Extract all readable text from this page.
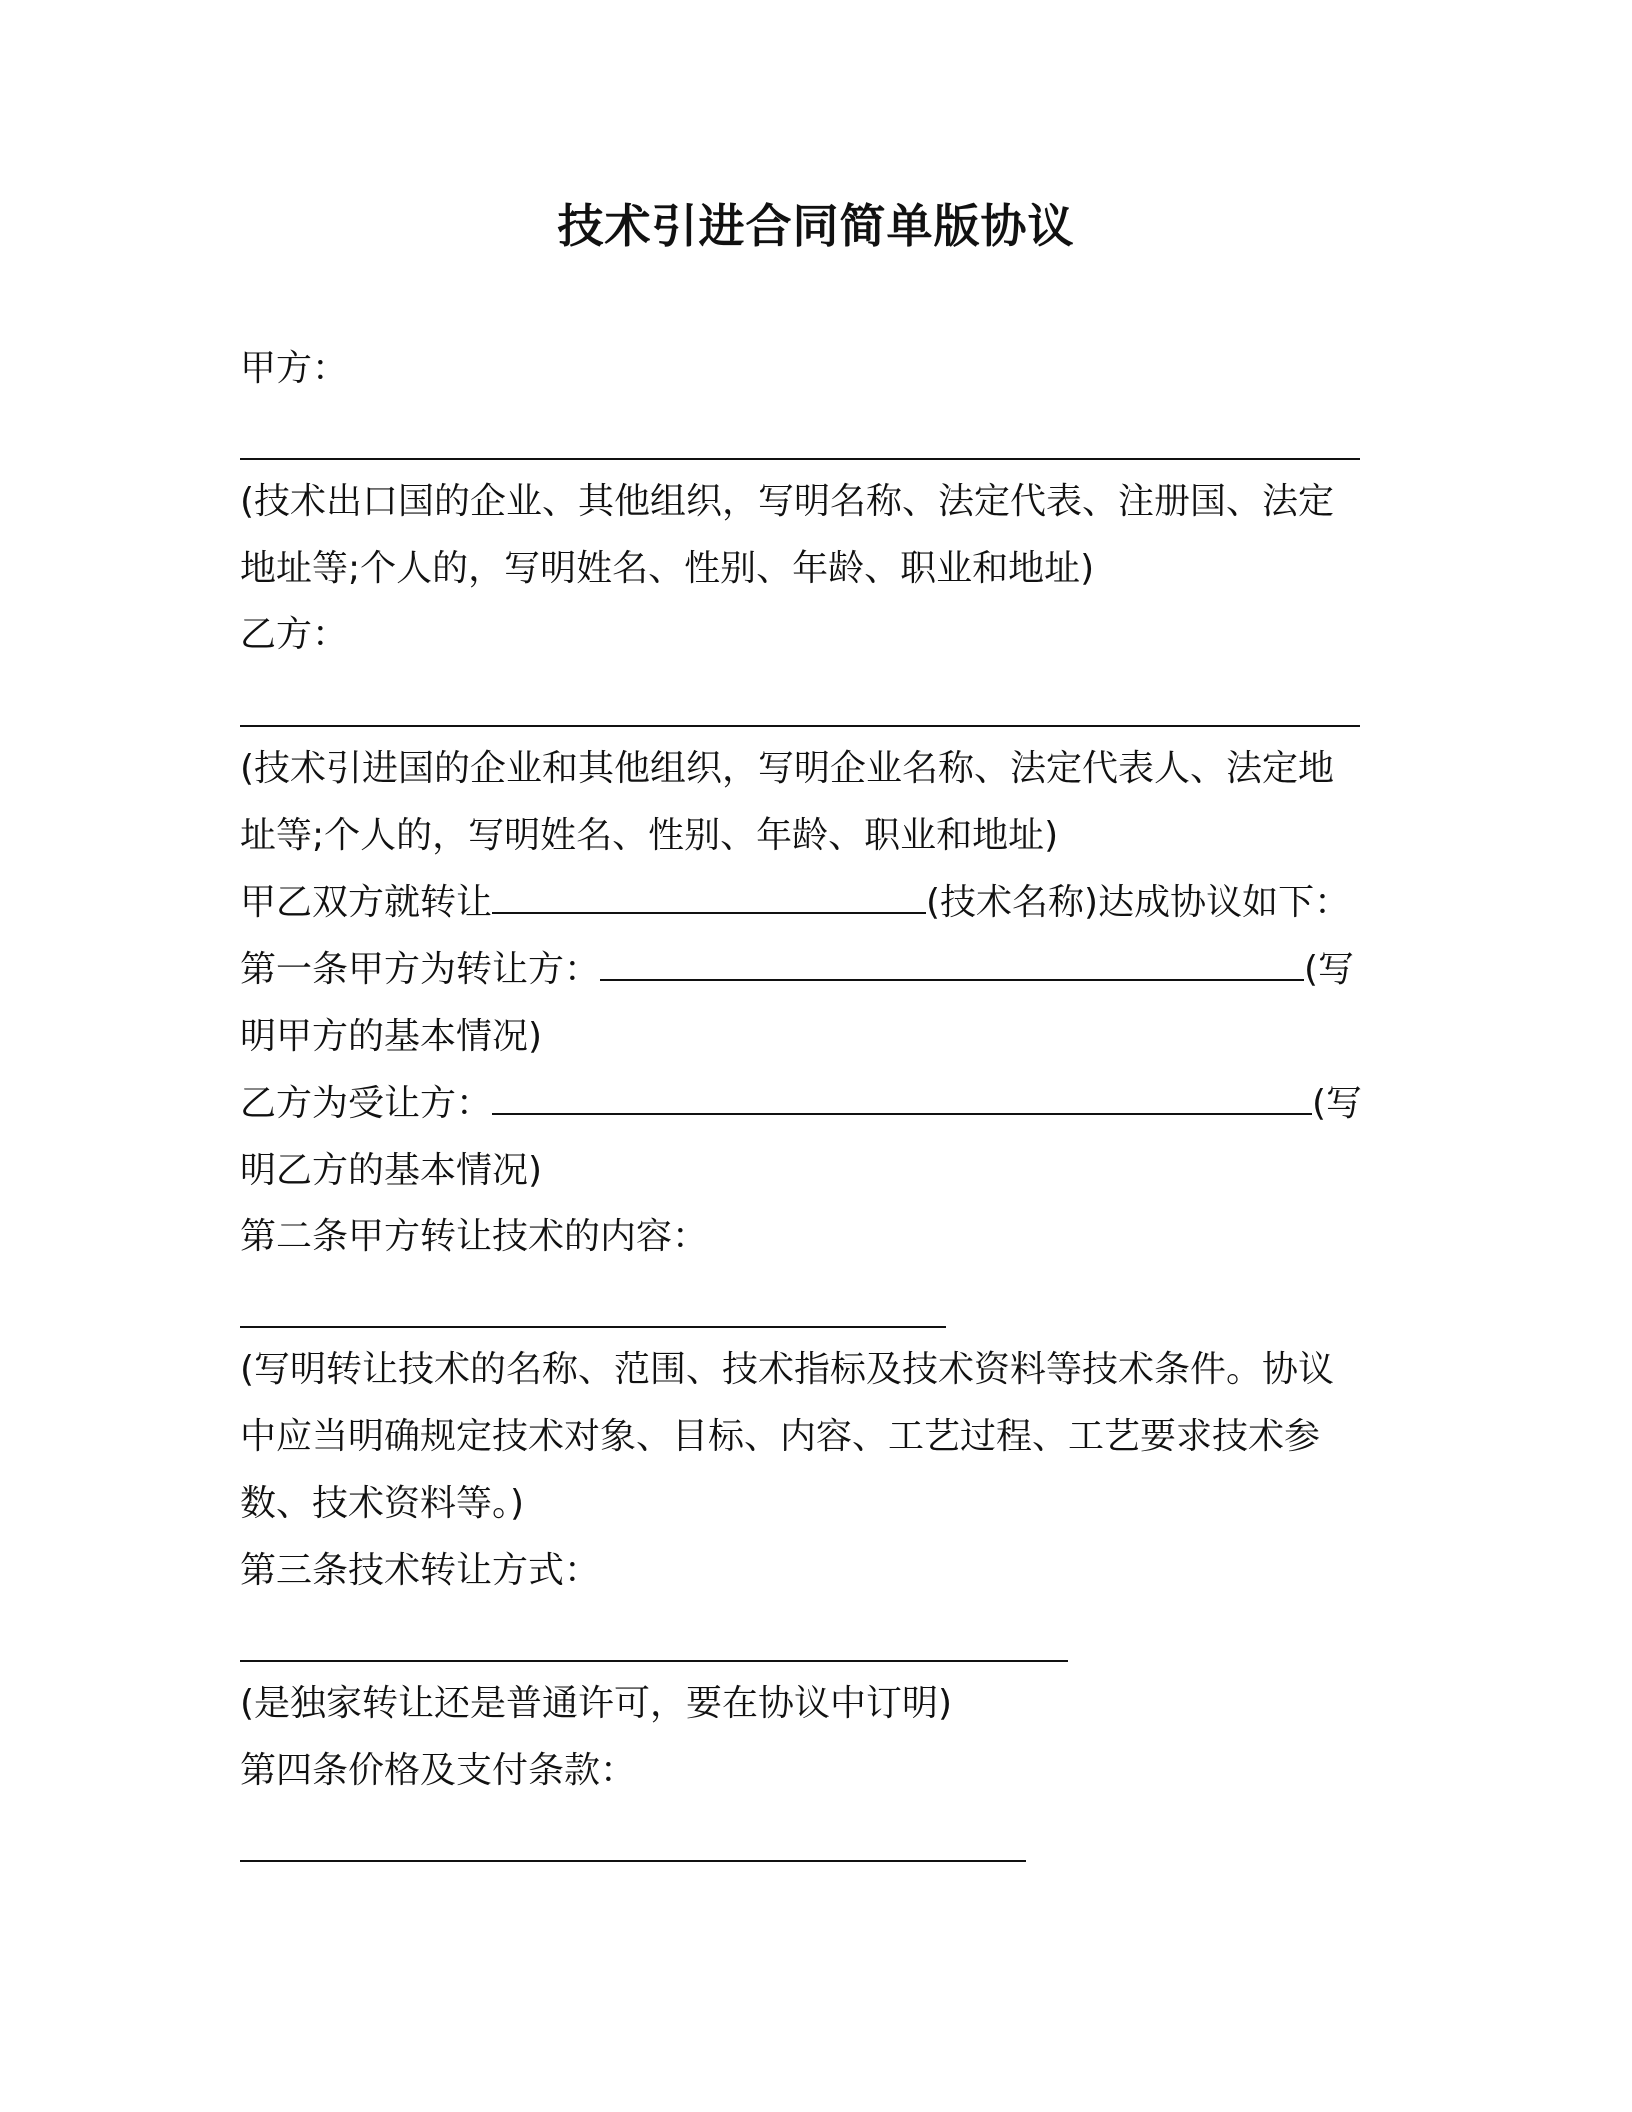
技术引进合同简单版协议
甲方：
(技术出口国的企业、其他组织，写明名称、法定代表、注册国、法定
地址等;个人的，写明姓名、性别、年龄、职业和地址)
乙方：
(技术引进国的企业和其他组织，写明企业名称、法定代表人、法定地
址等;个人的，写明姓名、性别、年龄、职业和地址)
甲乙双方就转让	(技术名称)达成协议如下：
第一条甲方为转让方：	(写
明甲方的基本情况)
乙方为受让方：	(写
明乙方的基本情况)
第二条甲方转让技术的内容：
(写明转让技术的名称、范围、技术指标及技术资料等技术条件。协议
中应当明确规定技术对象、目标、内容、工艺过程、工艺要求技术参
数、技术资料等。)
第三条技术转让方式：
(是独家转让还是普通许可，要在协议中订明)
第四条价格及支付条款：
